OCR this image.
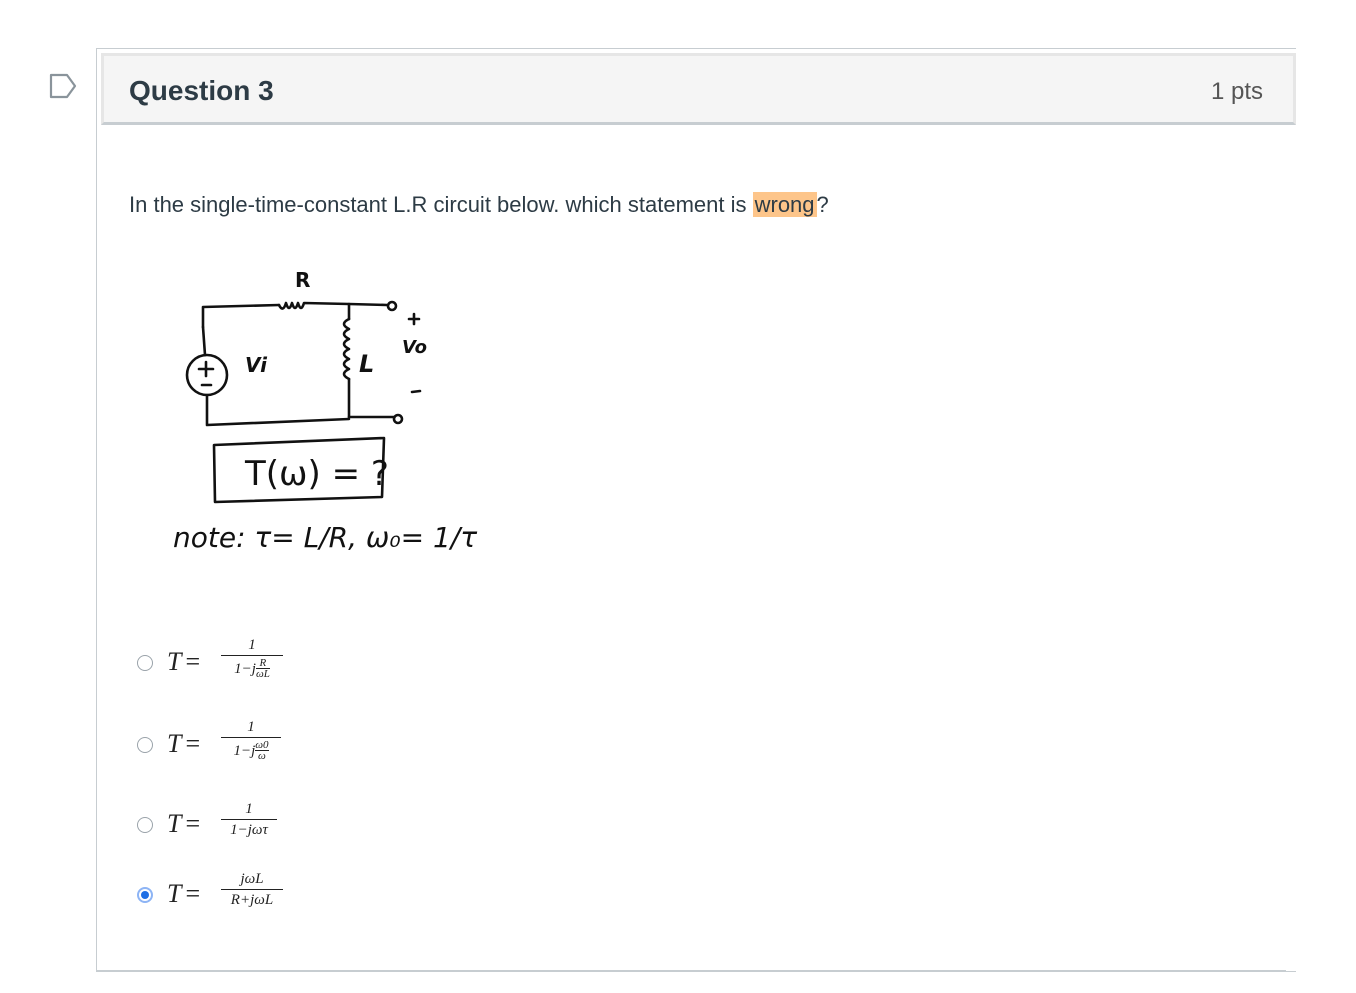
Question 3	1 pts
In the single-time-constant L.R circuit below. which statement is wrong?
R
L
Vi
Vo
T(ω) = ?
note: τ= L/R, ω₀= 1/τ
T =
1
$1-j\frac{R}{\omega L}$
T =
1
$1-j\frac{\omega 0}{\omega}$
T =	1
1−jωτ
T =	jωL
R+jωL
